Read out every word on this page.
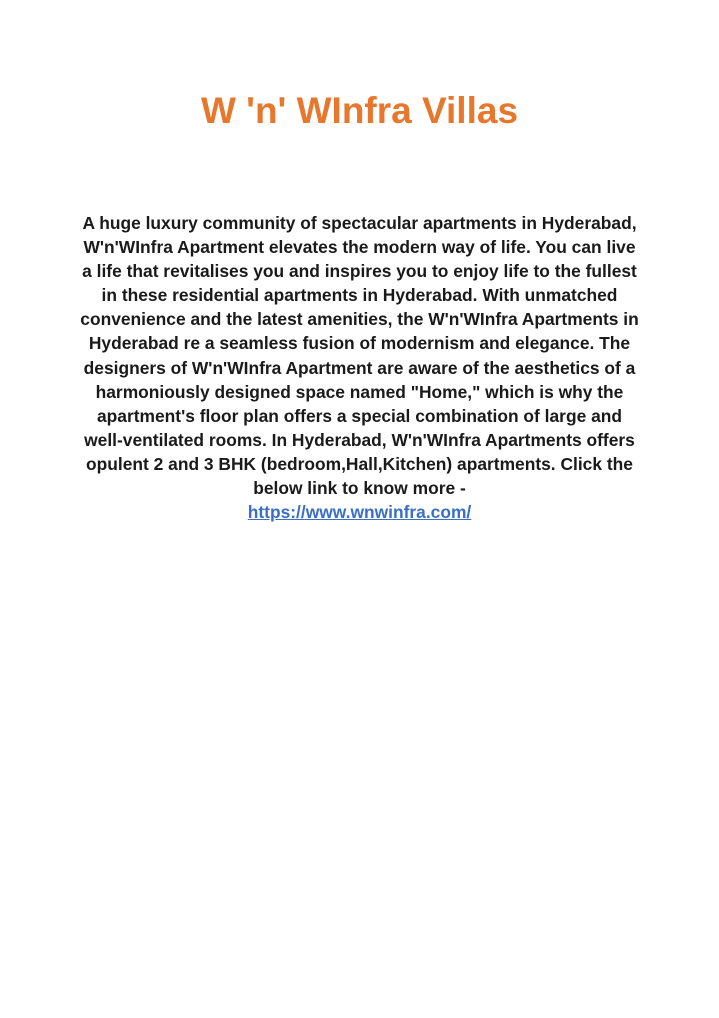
W 'n' WInfra Villas

A huge luxury community of spectacular apartments in Hyderabad, W'n'WInfra Apartment elevates the modern way of life. You can live a life that revitalises you and inspires you to enjoy life to the fullest in these residential apartments in Hyderabad. With unmatched convenience and the latest amenities, the W'n'WInfra Apartments in Hyderabad re a seamless fusion of modernism and elegance. The designers of W'n'WInfra Apartment are aware of the aesthetics of a harmoniously designed space named "Home," which is why the apartment's floor plan offers a special combination of large and well-ventilated rooms. In Hyderabad, W'n'WInfra Apartments offers opulent 2 and 3 BHK (bedroom,Hall,Kitchen) apartments. Click the below link to know more -
https://www.wnwinfra.com/
